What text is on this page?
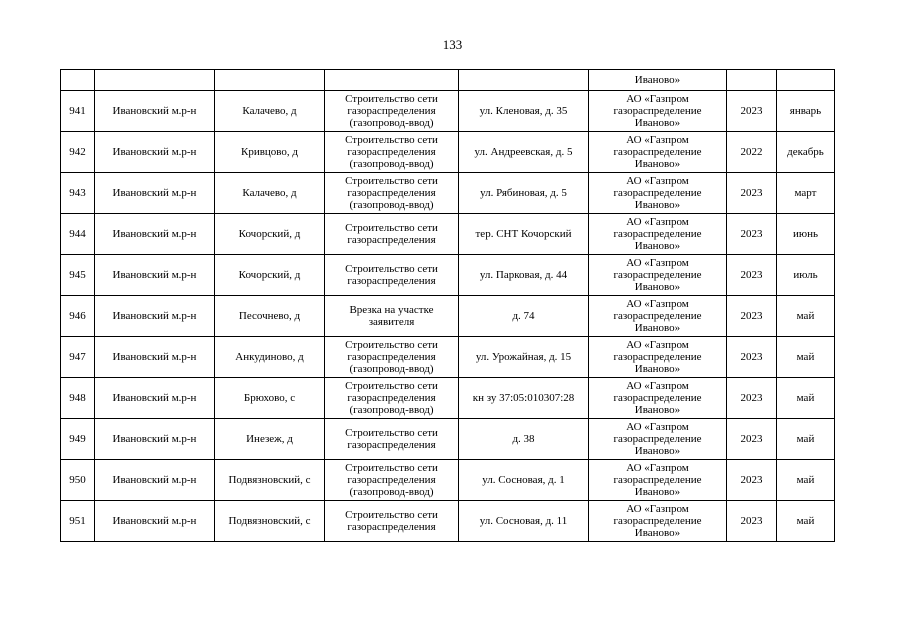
133
					Иваново»		
941	Ивановский м.р-н	Калачево, д	Строительство сети
газораспределения
(газопровод-ввод)	ул. Кленовая, д. 35	АО «Газпром
газораспределение
Иваново»	2023	январь
942	Ивановский м.р-н	Кривцово, д	Строительство сети
газораспределения
(газопровод-ввод)	ул. Андреевская, д. 5	АО «Газпром
газораспределение
Иваново»	2022	декабрь
943	Ивановский м.р-н	Калачево, д	Строительство сети
газораспределения
(газопровод-ввод)	ул. Рябиновая, д. 5	АО «Газпром
газораспределение
Иваново»	2023	март
944	Ивановский м.р-н	Кочорский, д	Строительство сети
газораспределения	тер. СНТ Кочорский	АО «Газпром
газораспределение
Иваново»	2023	июнь
945	Ивановский м.р-н	Кочорский, д	Строительство сети
газораспределения	ул. Парковая, д. 44	АО «Газпром
газораспределение
Иваново»	2023	июль
946	Ивановский м.р-н	Песочнево, д	Врезка на участке
заявителя	д. 74	АО «Газпром
газораспределение
Иваново»	2023	май
947	Ивановский м.р-н	Анкудиново, д	Строительство сети
газораспределения
(газопровод-ввод)	ул. Урожайная, д. 15	АО «Газпром
газораспределение
Иваново»	2023	май
948	Ивановский м.р-н	Брюхово, с	Строительство сети
газораспределения
(газопровод-ввод)	кн зу 37:05:010307:28	АО «Газпром
газораспределение
Иваново»	2023	май
949	Ивановский м.р-н	Инезеж, д	Строительство сети
газораспределения	д. 38	АО «Газпром
газораспределение
Иваново»	2023	май
950	Ивановский м.р-н	Подвязновский, с	Строительство сети
газораспределения
(газопровод-ввод)	ул. Сосновая, д. 1	АО «Газпром
газораспределение
Иваново»	2023	май
951	Ивановский м.р-н	Подвязновский, с	Строительство сети
газораспределения	ул. Сосновая, д. 11	АО «Газпром
газораспределение
Иваново»	2023	май
